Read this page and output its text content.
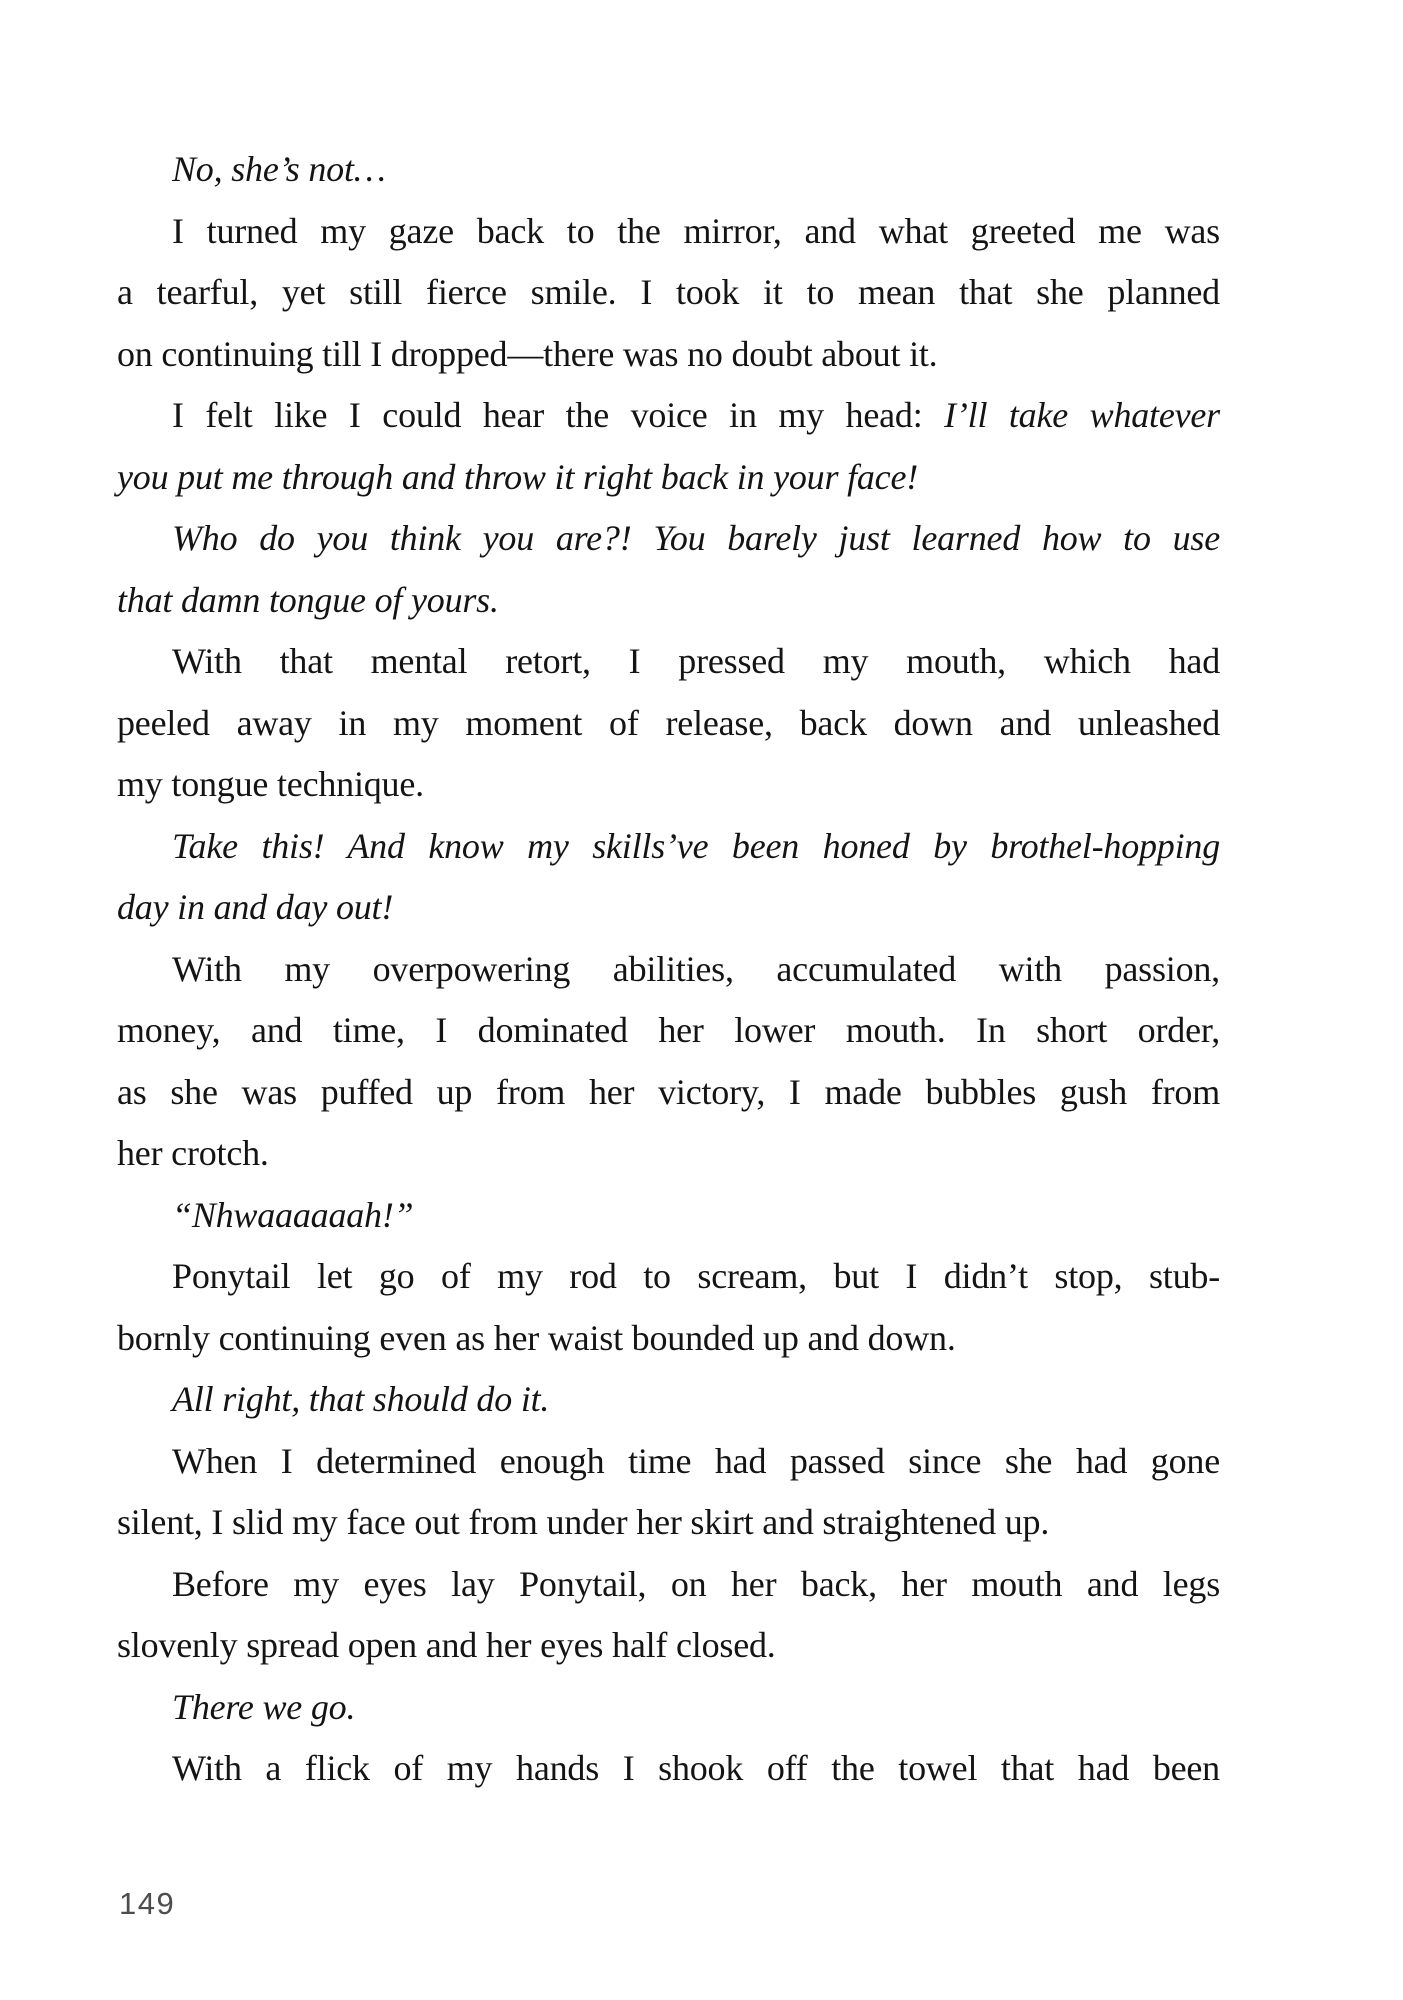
No, she’s not…
I turned my gaze back to the mirror, and what greeted me was
a tearful, yet still fierce smile. I took it to mean that she planned
on continuing till I dropped—there was no doubt about it.
I felt like I could hear the voice in my head: I’ll take whatever
you put me through and throw it right back in your face!
Who do you think you are?! You barely just learned how to use
that damn tongue of yours.
With that mental retort, I pressed my mouth, which had
peeled away in my moment of release, back down and unleashed
my tongue technique.
Take this! And know my skills’ve been honed by brothel-hopping
day in and day out!
With my overpowering abilities, accumulated with passion,
money, and time, I dominated her lower mouth. In short order,
as she was puffed up from her victory, I made bubbles gush from
her crotch.
“Nhwaaaaaah!”
Ponytail let go of my rod to scream, but I didn’t stop, stub-
bornly continuing even as her waist bounded up and down.
All right, that should do it.
When I determined enough time had passed since she had gone
silent, I slid my face out from under her skirt and straightened up.
Before my eyes lay Ponytail, on her back, her mouth and legs
slovenly spread open and her eyes half closed.
There we go.
With a flick of my hands I shook off the towel that had been
149
